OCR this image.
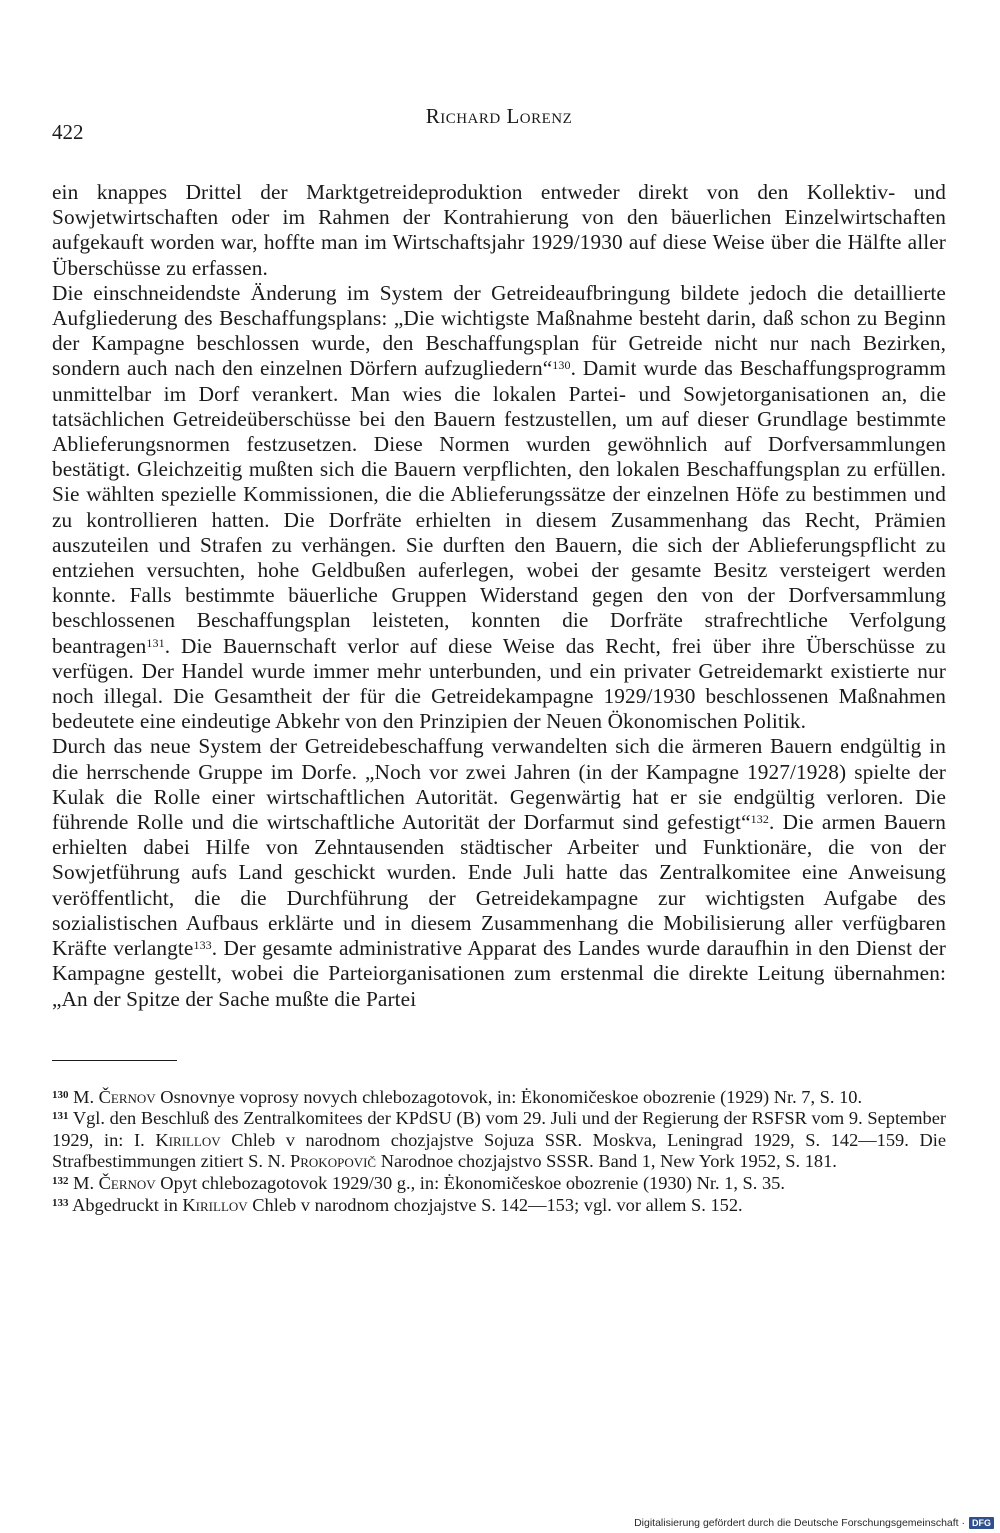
422
Richard Lorenz

ein knappes Drittel der Marktgetreideproduktion entweder direkt von den Kollektiv- und Sowjetwirtschaften oder im Rahmen der Kontrahierung von den bäuerlichen Einzelwirtschaften aufgekauft worden war, hoffte man im Wirtschaftsjahr 1929/1930 auf diese Weise über die Hälfte aller Überschüsse zu erfassen.

Die einschneidendste Änderung im System der Getreideaufbringung bildete jedoch die detaillierte Aufgliederung des Beschaffungsplans: „Die wichtigste Maßnahme besteht darin, daß schon zu Beginn der Kampagne beschlossen wurde, den Beschaffungsplan für Getreide nicht nur nach Bezirken, sondern auch nach den einzelnen Dörfern aufzugliedern“$^{130}$. Damit wurde das Beschaffungsprogramm unmittelbar im Dorf verankert. Man wies die lokalen Partei- und Sowjetorganisationen an, die tatsächlichen Getreideüberschüsse bei den Bauern festzustellen, um auf dieser Grundlage bestimmte Ablieferungsnormen festzusetzen. Diese Normen wurden gewöhnlich auf Dorfversammlungen bestätigt. Gleichzeitig mußten sich die Bauern verpflichten, den lokalen Beschaffungsplan zu erfüllen. Sie wählten spezielle Kommissionen, die die Ablieferungssätze der einzelnen Höfe zu bestimmen und zu kontrollieren hatten. Die Dorfräte erhielten in diesem Zusammenhang das Recht, Prämien auszuteilen und Strafen zu verhängen. Sie durften den Bauern, die sich der Ablieferungspflicht zu entziehen versuchten, hohe Geldbußen auferlegen, wobei der gesamte Besitz versteigert werden konnte. Falls bestimmte bäuerliche Gruppen Widerstand gegen den von der Dorfversammlung beschlossenen Beschaffungsplan leisteten, konnten die Dorfräte strafrechtliche Verfolgung beantragen$^{131}$. Die Bauernschaft verlor auf diese Weise das Recht, frei über ihre Überschüsse zu verfügen. Der Handel wurde immer mehr unterbunden, und ein privater Getreidemarkt existierte nur noch illegal. Die Gesamtheit der für die Getreidekampagne 1929/1930 beschlossenen Maßnahmen bedeutete eine eindeutige Abkehr von den Prinzipien der Neuen Ökonomischen Politik.

Durch das neue System der Getreidebeschaffung verwandelten sich die ärmeren Bauern endgültig in die herrschende Gruppe im Dorfe. „Noch vor zwei Jahren (in der Kampagne 1927/1928) spielte der Kulak die Rolle einer wirtschaftlichen Autorität. Gegenwärtig hat er sie endgültig verloren. Die führende Rolle und die wirtschaftliche Autorität der Dorfarmut sind gefestigt“$^{132}$. Die armen Bauern erhielten dabei Hilfe von Zehntausenden städtischer Arbeiter und Funktionäre, die von der Sowjetführung aufs Land geschickt wurden. Ende Juli hatte das Zentralkomitee eine Anweisung veröffentlicht, die die Durchführung der Getreidekampagne zur wichtigsten Aufgabe des sozialistischen Aufbaus erklärte und in diesem Zusammenhang die Mobilisierung aller verfügbaren Kräfte verlangte$^{133}$. Der gesamte administrative Apparat des Landes wurde daraufhin in den Dienst der Kampagne gestellt, wobei die Parteiorganisationen zum erstenmal die direkte Leitung übernahmen: „An der Spitze der Sache mußte die Partei

$^{130}$ M. Černov Osnovnye voprosy novych chlebozagotovok, in: Ėkonomičeskoe obozrenie (1929) Nr. 7, S. 10.

$^{131}$ Vgl. den Beschluß des Zentralkomitees der KPdSU (B) vom 29. Juli und der Regierung der RSFSR vom 9. September 1929, in: I. Kirillov Chleb v narodnom chozjajstve Sojuza SSR. Moskva, Leningrad 1929, S. 142—159. Die Strafbestimmungen zitiert S. N. Prokopovič Narodnoe chozjajstvo SSSR. Band 1, New York 1952, S. 181.

$^{132}$ M. Černov Opyt chlebozagotovok 1929/30 g., in: Ėkonomičeskoe obozrenie (1930) Nr. 1, S. 35.

$^{133}$ Abgedruckt in Kirillov Chleb v narodnom chozjajstve S. 142—153; vgl. vor allem S. 152.

Digitalisierung gefördert durch die Deutsche Forschungsgemeinschaft · DFG
